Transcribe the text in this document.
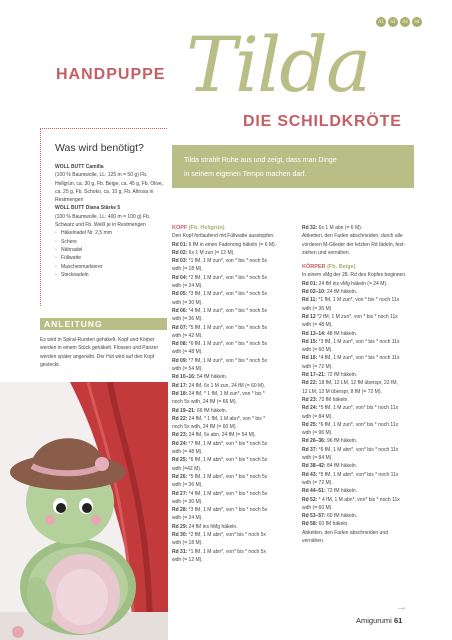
A1	A2	A3	A4
Tilda
HANDPUPPE
DIE SCHILDKRÖTE
Was wird benötigt?

WOLL BUTT Camilla

(100 % Baumwolle, LL: 125 m = 50 g) Fb. Hellgrün, ca. 30 g, Fb. Beige, ca. 45 g, Fb. Olive, ca. 25 g, Fb. Schoko, ca. 10 g, Fb. Altrosa in Restmengen

WOLL BUTT Diana Stärke 5

(100 % Baumwolle, LL: 400 m = 100 g) Fb. Schwarz und Fb. Weiß je in Restmengen

• Häkelnadel Nr. 2,5 mm
• Schere
• Nähnadel
• Füllwatte
• Maschenmarkierer
• Stecknadeln
ANLEITUNG
Es wird in Spiral-Runden gehäkelt. Kopf und Körper werden in einem Stück gehäkelt. Flossen und Panzer werden später angenäht. Der Hut wird auf den Kopf gesteckt.
Tilda strahlt Ruhe aus und zeigt, dass man Dinge
in seinem eigenen Tempo machen darf.
KOPF (Fb. Hellgrün)
Den Kopf fortlaufend mit Füllwatte ausstopfen.
Rd 01: 6 fM in einen Fadenring häkeln (= 6 M).
Rd 02: 6x 1 M zun (= 12 M).
Rd 03: *1 fM, 1 M zun*, von * bis * noch 5x
wdh (= 18 M).
Rd 04: *2 fM, 1 M zun*, von * bis * noch 5x
wdh (= 24 M).
Rd 05: *3 fM, 1 M zun*, von * bis * noch 5x
wdh (= 30 M).
Rd 06: *4 fM, 1 M zun*, von * bis * noch 5x
wdh (= 36 M).
Rd 07: *5 fM, 1 M zun*, von * bis * noch 5x
wdh (= 42 M).
Rd 08: *6 fM, 1 M zun*, von * bis * noch 5x
wdh (= 48 M).
Rd 09: *7 fM, 1 M zun*, von * bis * noch 5x
wdh (= 54 M).
Rd 10–16: 54 fM häkeln.
Rd 17: 24 fM, 6x 1 M zun, 24 fM (= 60 M).
Rd 18: 24 fM, * 1 fM, 1 M zun*, von * bis *
noch 5x wdh, 24 fM (= 66 M).
Rd 19–21: 66 fM häkeln.
Rd 22: 24 fM, * 1 fM, 1 M abn*, von * bis *
noch 5x wdh, 24 fM (= 60 M).
Rd 23: 24 fM, 6x abn, 24 fM (= 54 M).
Rd 24: *7 fM, 1 M abn*, von * bis * noch 5x
wdh (= 48 M).
Rd 25: *6 fM, 1 M abn*, von * bis * noch 5x
wdh (=42 M).
Rd 26: *5 fM, 1 M abn*, von * bis * noch 5x
wdh (= 36 M).
Rd 27: *4 fM, 1 M abn*, von * bis * noch 5x
wdh (= 30 M).
Rd 28: *3 fM, 1 M abn*, von * bis * noch 5x
wdh (= 24 M).
Rd 29: 24 fM ins hMg häkeln.
Rd 30: *2 fM, 1 M abn*, von* bis * noch 5x
wdh (= 18 M).
Rd 31: *1 fM, 1 M abn*, von* bis * noch 5x
wdh (= 12 M).
Rd 32: 6x 1 M abn (= 6 M).
Abketten, den Faden abschneiden, durch alle
vorderen M-Glieder der letzten Rd fädeln, fest-
ziehen und vernähen.
KÖRPER (Fb. Beige)
In einem vMg der 28. Rd des Kopfes beginnen.
Rd 01: 24 fM ins vMg häkeln (= 24 M).
Rd 02–10: 24 fM häkeln.
Rd 11: *1 fM, 1 M zun*, von * bis * noch 11x
wdh (= 36 M)
Rd 12 *2 fM, 1 M zun*, von * bis * noch 11x
wdh (= 48 M).
Rd 13–14: 48 fM häkeln.
Rd 15: *3 fM, 1 M zun*, von * bis * noch 11x
wdh (= 60 M).
Rd 16: *4 fM, 1 M zun*, von * bis * noch 11x
wdh (= 72 M).
Rd 17–21: 72 fM häkeln.
Rd 22: 18 fM, 12 LM, 12 fM überspr, 22 fM,
12 LM, 12 M überspr, 8 fM (= 72 M).
Rd 23: 72 fM häkeln.
Rd 24: *5 fM, 1 M zun*, von* bis * noch 11x
wdh (= 84 M).
Rd 25: *6 fM, 1 M zun*, von* bis * noch 11x
wdh (= 96 M).
Rd 26–36: 96 fM häkeln.
Rd 37: *6 fM, 1 M abn*, von* bis * noch 11x
wdh (= 84 M).
Rd 38–42: 84 fM häkeln.
Rd 43: *5 fM, 1 M abn*, von* bis * noch 11x
wdh (= 72 M).
Rd 44–51: 72 fM häkeln.
Rd 52: * 4 fM, 1 M abn*, von* bis * noch 11x
wdh (= 60 M).
Rd 53–57: 60 fM häkeln.
Rd 58: 60 fM häkeln.
Abketten, den Faden abschneiden und
vernähen.
→
Amigurumi 61
